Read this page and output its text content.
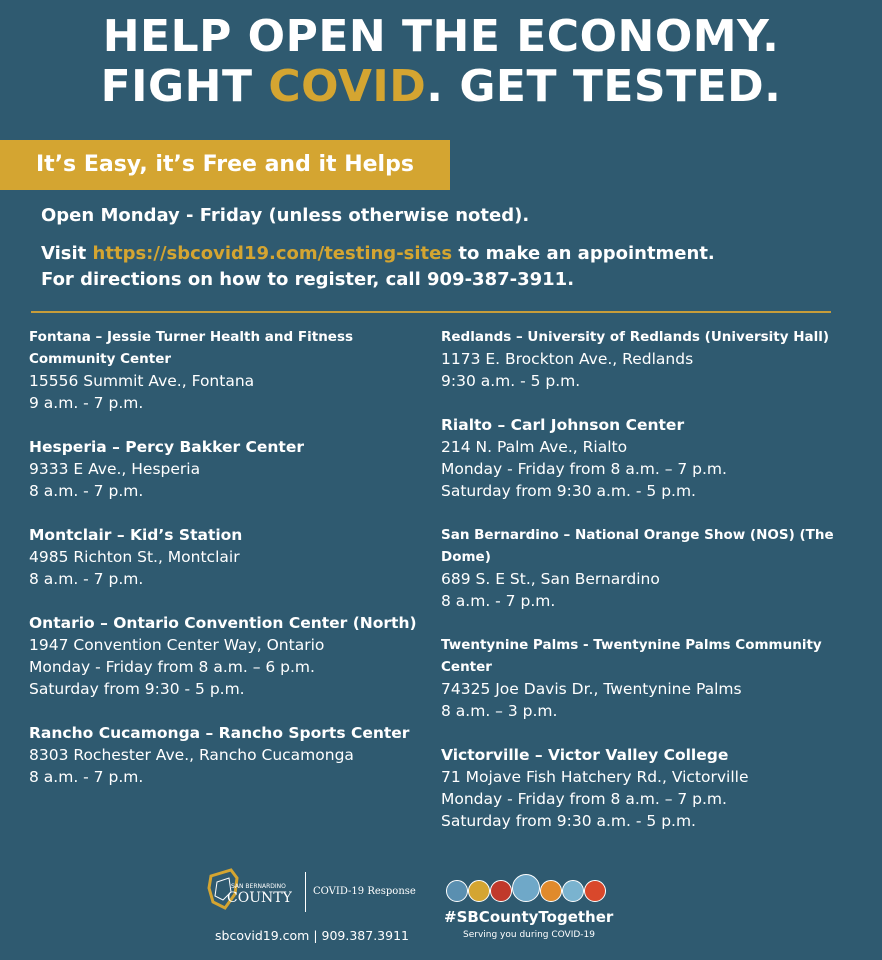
HELP OPEN THE ECONOMY.
FIGHT COVID. GET TESTED.
It’s Easy, it’s Free and it Helps

Open Monday - Friday (unless otherwise noted).

Visit https://sbcovid19.com/testing-sites to make an appointment.

For directions on how to register, call 909-387-3911.

Fontana – Jessie Turner Health and Fitness Community Center
15556 Summit Ave., Fontana
9 a.m. - 7 p.m.
Hesperia – Percy Bakker Center
9333 E Ave., Hesperia
8 a.m. - 7 p.m.
Montclair – Kid’s Station
4985 Richton St., Montclair
8 a.m. - 7 p.m.
Ontario – Ontario Convention Center (North)
1947 Convention Center Way, Ontario
Monday - Friday from 8 a.m. – 6 p.m.
Saturday from 9:30 - 5 p.m.
Rancho Cucamonga – Rancho Sports Center
8303 Rochester Ave., Rancho Cucamonga
8 a.m. - 7 p.m.
Redlands – University of Redlands (University Hall)
1173 E. Brockton Ave., Redlands
9:30 a.m. - 5 p.m.
Rialto – Carl Johnson Center
214 N. Palm Ave., Rialto
Monday - Friday from 8 a.m. – 7 p.m.
Saturday from 9:30 a.m. - 5 p.m.
San Bernardino – National Orange Show (NOS) (The Dome)
689 S. E St., San Bernardino
8 a.m. - 7 p.m.
Twentynine Palms - Twentynine Palms Community Center
74325 Joe Davis Dr., Twentynine Palms
8 a.m. – 3 p.m.
Victorville – Victor Valley College
71 Mojave Fish Hatchery Rd., Victorville
Monday - Friday from 8 a.m. – 7 p.m.
Saturday from 9:30 a.m. - 5 p.m.
SAN BERNARDINO
COUNTY COVID-19 Response
sbcovid19.com | 909.387.3911
#SBCountyTogether
Serving you during COVID-19
